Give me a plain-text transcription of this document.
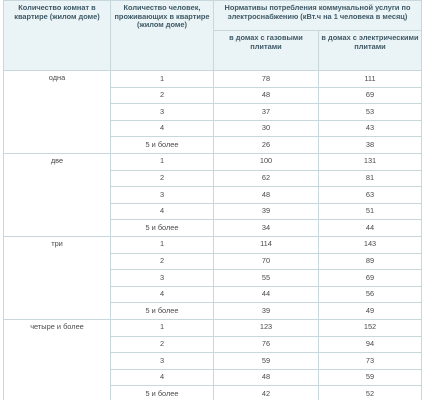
Количество комнат в квартире (жилом доме)	Количество человек, проживающих в квартире (жилом доме)	Нормативы потребления коммунальной услуги по электроснабжению (кВт.ч на 1 человека в месяц)	
		в домах с газовыми плитами	в домах с электрическими плитами
одна	1	78	111
	2	48	69
	3	37	53
	4	30	43
	5 и более	26	38
две	1	100	131
	2	62	81
	3	48	63
	4	39	51
	5 и более	34	44
три	1	114	143
	2	70	89
	3	55	69
	4	44	56
	5 и более	39	49
четыре и более	1	123	152
	2	76	94
	3	59	73
	4	48	59
	5 и более	42	52
